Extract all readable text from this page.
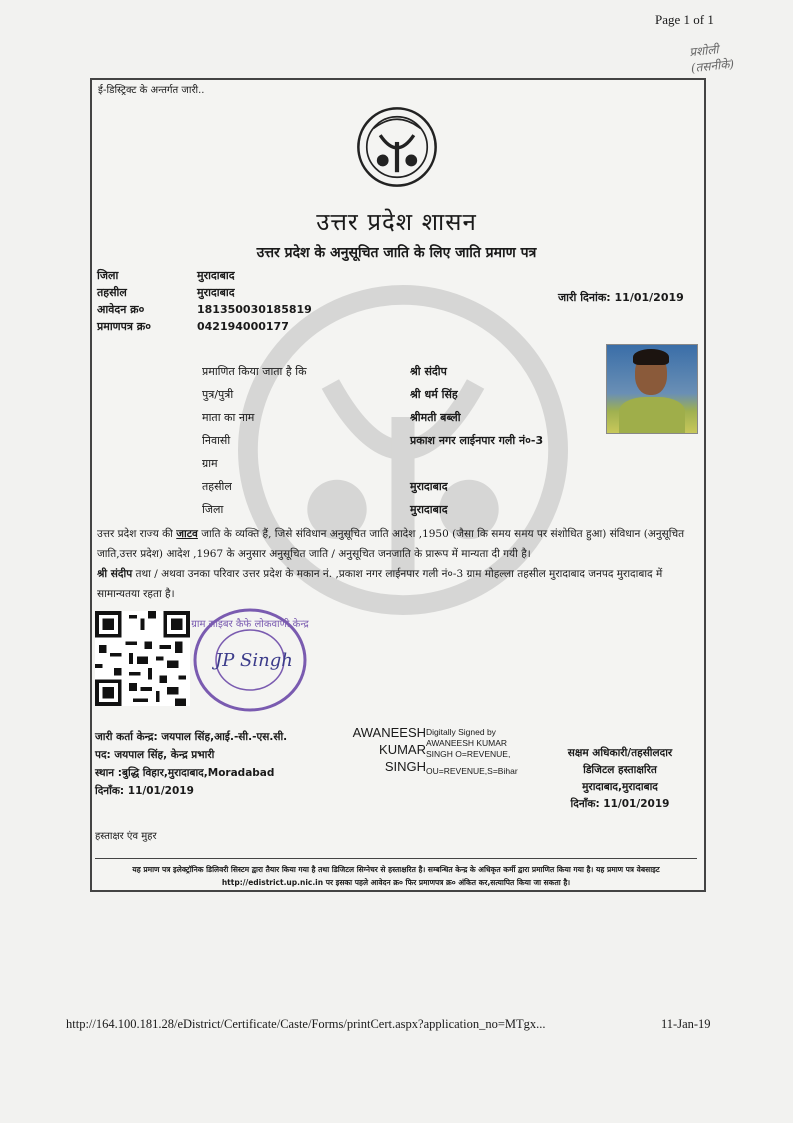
Page 1 of 1
प्रशोली
(तसनीके)
ई-डिस्ट्रिक्ट के अन्तर्गत जारी..
उत्तर प्रदेश शासन
उत्तर प्रदेश के अनुसूचित जाति के लिए जाति प्रमाण पत्र
जिला	मुरादाबाद
तहसील	मुरादाबाद
आवेदन क्र०	181350030185819
प्रमाणपत्र क्र०	042194000177
जारी दिनांक: 11/01/2019
प्रमाणित किया जाता है कि	श्री संदीप
पुत्र/पुत्री	श्री धर्म सिंह
माता का नाम	श्रीमती बब्ली
निवासी	प्रकाश नगर लाईनपार गली नं०-3
ग्राम
तहसील	मुरादाबाद
जिला	मुरादाबाद
उत्तर प्रदेश राज्य की जाटव जाति के व्यक्ति हैं, जिसे संविधान अनुसूचित जाति आदेश ,1950 (जैसा कि समय समय पर संशोधित हुआ) संविधान (अनुसूचित जाति,उत्तर प्रदेश) आदेश ,1967 के अनुसार अनुसूचित जाति / अनुसूचित जनजाति के प्रारूप में मान्यता दी गयी है।
श्री संदीप तथा / अथवा उनका परिवार उत्तर प्रदेश के मकान नं. ,प्रकाश नगर लाईनपार गली नं०-3 ग्राम मोहल्ला तहसील मुरादाबाद जनपद मुरादाबाद में सामान्यतया रहता है।
ग्राम साइबर कैफे लोकवाणी केन्द्र
JP Singh
जारी कर्ता केन्द्र: जयपाल सिंह,आई.-सी.-एस.सी.
पद: जयपाल सिंह, केन्द्र प्रभारी
स्थान :बुद्धि विहार,मुरादाबाद,Moradabad
दिनाँक: 11/01/2019
AWANEESH
KUMAR
SINGH
Digitally Signed by
AWANEESH KUMAR
SINGH O=REVENUE,
OU=REVENUE,S=Bihar
सक्षम अधिकारी/तहसीलदार
डिजिटल हस्ताक्षरित
मुरादाबाद,मुरादाबाद
दिनाँक: 11/01/2019
हस्ताक्षर एंव मुहर
यह प्रमाण पत्र इलेक्ट्रॉनिक डिलिवरी सिस्टम द्वारा तैयार किया गया है तथा डिजिटल सिग्नेचर से हस्ताक्षरित है। सम्बन्धित केन्द्र के अधिकृत कर्मी द्वारा प्रमाणित किया गया है। यह प्रमाण पत्र वेबसाइट http://edistrict.up.nic.in पर इसका पहले आवेदन क्र० फिर प्रमाणपत्र क्र० अंकित कर,सत्यापित किया जा सकता है।
http://164.100.181.28/eDistrict/Certificate/Caste/Forms/printCert.aspx?application_no=MTgx...	11-Jan-19
